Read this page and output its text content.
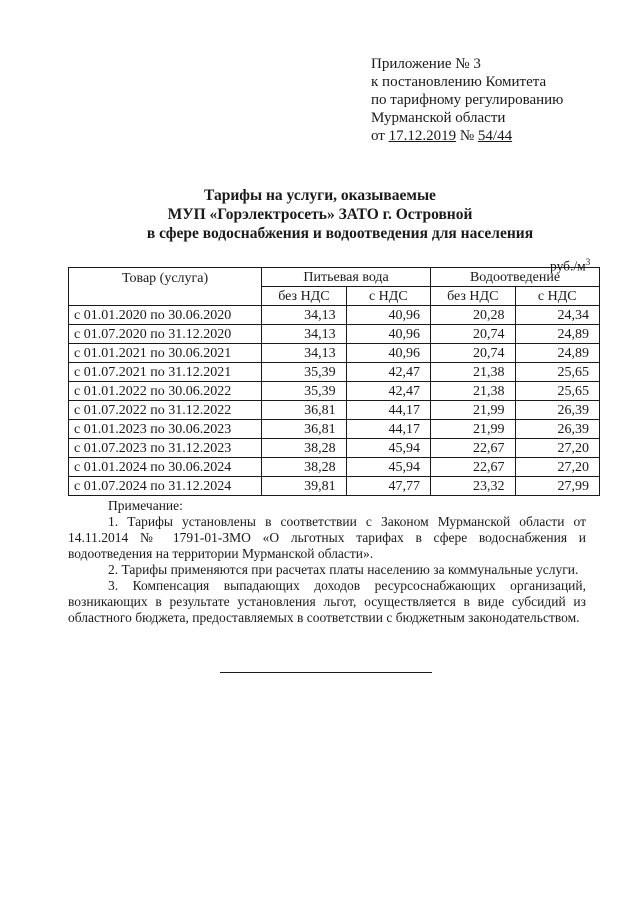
Приложение № 3
к постановлению Комитета
по тарифному регулированию
Мурманской области
от 17.12.2019 № 54/44
Тарифы на услуги, оказываемые
МУП «Горэлектросеть» ЗАТО г. Островной
в сфере водоснабжения и водоотведения для населения
$руб./м^3$
Товар (услуга)	Питьевая вода		Водоотведение	
	без НДС	с НДС	без НДС	с НДС
с 01.01.2020 по 30.06.2020	34,13	40,96	20,28	24,34
с 01.07.2020 по 31.12.2020	34,13	40,96	20,74	24,89
с 01.01.2021 по 30.06.2021	34,13	40,96	20,74	24,89
с 01.07.2021 по 31.12.2021	35,39	42,47	21,38	25,65
с 01.01.2022 по 30.06.2022	35,39	42,47	21,38	25,65
с 01.07.2022 по 31.12.2022	36,81	44,17	21,99	26,39
с 01.01.2023 по 30.06.2023	36,81	44,17	21,99	26,39
с 01.07.2023 по 31.12.2023	38,28	45,94	22,67	27,20
с 01.01.2024 по 30.06.2024	38,28	45,94	22,67	27,20
с 01.07.2024 по 31.12.2024	39,81	47,77	23,32	27,99
Примечание:

1. Тарифы установлены в соответствии с Законом Мурманской области от 14.11.2014 № 1791-01-ЗМО «О льготных тарифах в сфере водоснабжения и водоотведения на территории Мурманской области».

2. Тарифы применяются при расчетах платы населению за коммунальные услуги.

3. Компенсация выпадающих доходов ресурсоснабжающих организаций, возникающих в результате установления льгот, осуществляется в виде субсидий из областного бюджета, предоставляемых в соответствии с бюджетным законодательством.
